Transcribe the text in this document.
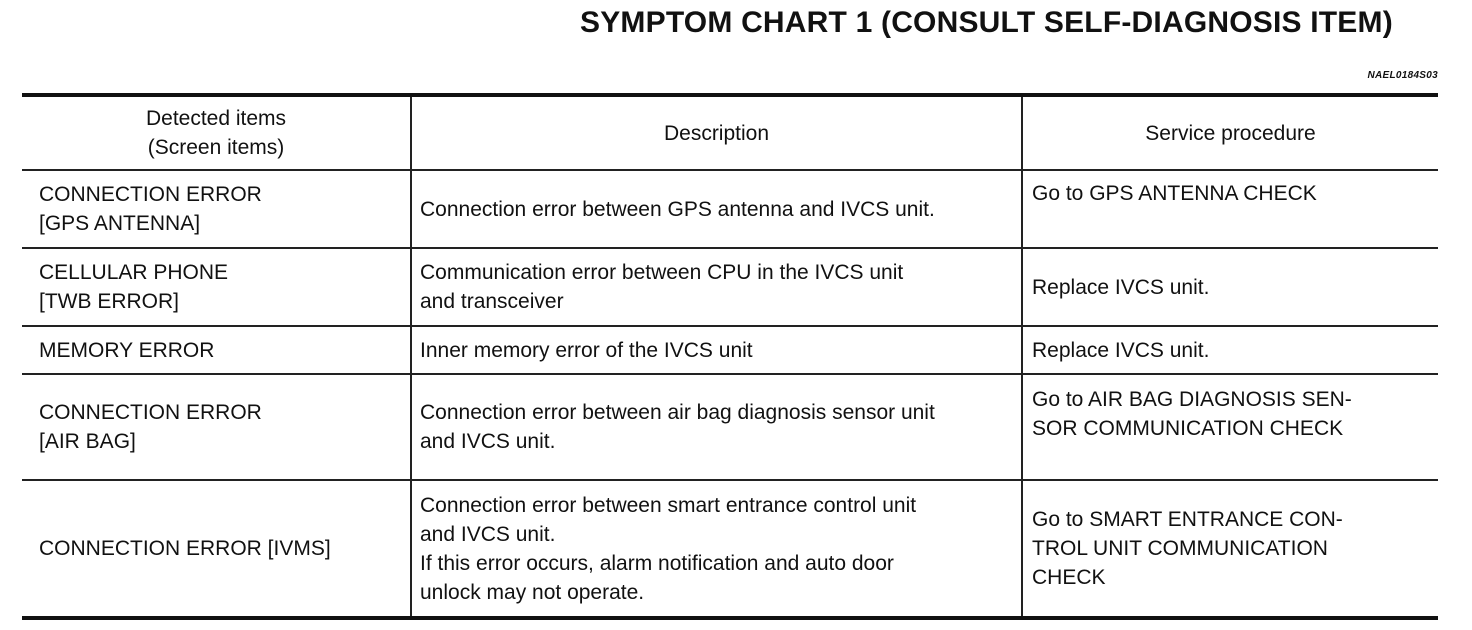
SYMPTOM CHART 1 (CONSULT SELF-DIAGNOSIS ITEM)
NAEL0184S03
Detected items
(Screen items)	Description	Service procedure

CONNECTION ERROR
[GPS ANTENNA]	Connection error between GPS antenna and IVCS unit.	Go to GPS ANTENNA CHECK

CELLULAR PHONE
[TWB ERROR]	Communication error between CPU in the IVCS unit
and transceiver	Replace IVCS unit.

MEMORY ERROR	Inner memory error of the IVCS unit	Replace IVCS unit.

CONNECTION ERROR
[AIR BAG]	Connection error between air bag diagnosis sensor unit
and IVCS unit.	Go to AIR BAG DIAGNOSIS SEN-
SOR COMMUNICATION CHECK

CONNECTION ERROR [IVMS]	Connection error between smart entrance control unit
and IVCS unit.
If this error occurs, alarm notification and auto door
unlock may not operate.	Go to SMART ENTRANCE CON-
TROL UNIT COMMUNICATION
CHECK
